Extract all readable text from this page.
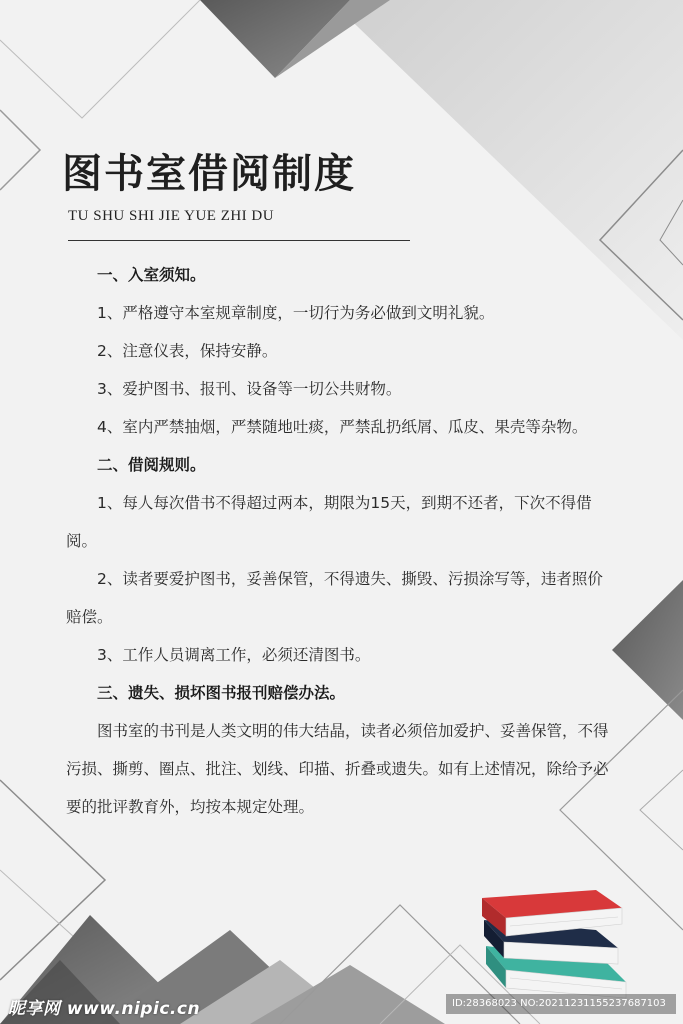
图书室借阅制度
TU SHU SHI JIE YUE ZHI DU

一、入室须知。

1、严格遵守本室规章制度，一切行为务必做到文明礼貌。

2、注意仪表，保持安静。

3、爱护图书、报刊、设备等一切公共财物。

4、室内严禁抽烟，严禁随地吐痰，严禁乱扔纸屑、瓜皮、果壳等杂物。

二、借阅规则。

1、每人每次借书不得超过两本，期限为15天，到期不还者，下次不得借阅。

2、读者要爱护图书，妥善保管，不得遗失、撕毁、污损涂写等，违者照价赔偿。

3、工作人员调离工作，必须还清图书。

三、遗失、损坏图书报刊赔偿办法。

图书室的书刊是人类文明的伟大结晶，读者必须倍加爱护、妥善保管，不得污损、撕剪、圈点、批注、划线、印描、折叠或遗失。如有上述情况，除给予必要的批评教育外，均按本规定处理。

昵享网 www.nipic.cn	ID:28368023 NO:20211231155237687103
